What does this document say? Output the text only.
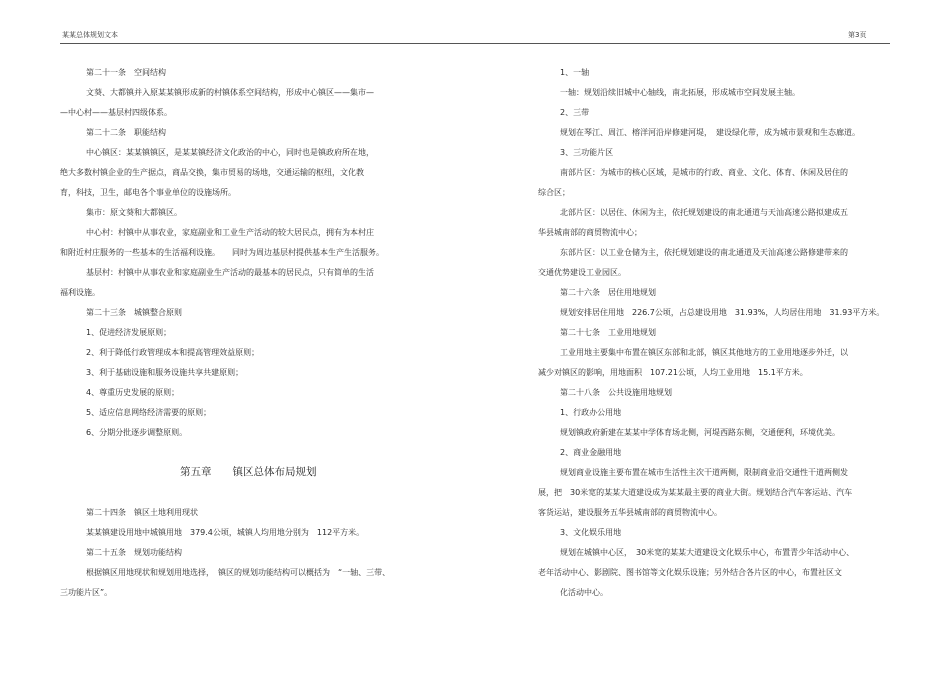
某某总体规划文本	第3页
第二十一条　空间结构
文葵、大都镇并入原某某镇形成新的村镇体系空间结构，形成中心镇区——集市—
—中心村——基层村四级体系。
第二十二条　职能结构
中心镇区：某某镇镇区，是某某镇经济文化政治的中心，同时也是镇政府所在地，
绝大多数村镇企业的生产据点，商品交换，集市贸易的场地，交通运输的枢纽，文化教
育，科技，卫生，邮电各个事业单位的设施场所。
集市：原文葵和大都镇区。
中心村：村镇中从事农业，家庭副业和工业生产活动的较大居民点，拥有为本村庄
和附近村庄服务的一些基本的生活福利设施。　　同时为周边基层村提供基本生产生活服务。
基层村：村镇中从事农业和家庭副业生产活动的最基本的居民点，只有简单的生活
福利设施。
第二十三条　城镇整合原则
1、促进经济发展原则；
2、利于降低行政管理成本和提高管理效益原则；
3、利于基础设施和服务设施共享共建原则；
4、尊重历史发展的原则；
5、适应信息网络经济需要的原则；
6、分期分批逐步调整原则。
第五章　　镇区总体布局规划
第二十四条　镇区土地利用现状
某某镇建设用地中城镇用地　379.4公顷，城镇人均用地分别为　112平方米。
第二十五条　规划功能结构
根据镇区用地现状和规划用地选择，　镇区的规划功能结构可以概括为　“一轴、三带、
三功能片区”。
1、一轴
一轴：规划沿续旧城中心轴线，南北拓展，形成城市空间发展主轴。
2、三带
规划在琴江、周江、榕洋河沿岸修建河堤，　建设绿化带，成为城市景观和生态廊道。
3、三功能片区
南部片区：为城市的核心区域，是城市的行政、商业、文化、体育、休闲及居住的
综合区；
北部片区：以居住、休闲为主，依托规划建设的南北通道与天汕高速公路拟建成五
华县城南部的商贸物流中心；
东部片区：以工业仓储为主，依托规划建设的南北通道及天汕高速公路修建带来的
交通优势建设工业园区。
第二十六条　居住用地规划
规划安排居住用地　226.7公顷，占总建设用地　31.93%，人均居住用地　31.93平方米。
第二十七条　工业用地规划
工业用地主要集中布置在镇区东部和北部，镇区其他地方的工业用地逐步外迁，以
减少对镇区的影响，用地面积　107.21公顷，人均工业用地　15.1平方米。
第二十八条　公共设施用地规划
1、行政办公用地
规划镇政府新建在某某中学体育场北侧，河堤西路东侧，交通便利，环境优美。
2、商业金融用地
规划商业设施主要布置在城市生活性主次干道两侧，限制商业沿交通性干道两侧发
展，把　30米宽的某某大道建设成为某某最主要的商业大街。规划结合汽车客运站、汽车
客货运站，建设服务五华县城南部的商贸物流中心。
3、文化娱乐用地
规划在城镇中心区，　30米宽的某某大道建设文化娱乐中心，布置青少年活动中心、
老年活动中心、影剧院、图书馆等文化娱乐设施；另外结合各片区的中心，布置社区文
化活动中心。
